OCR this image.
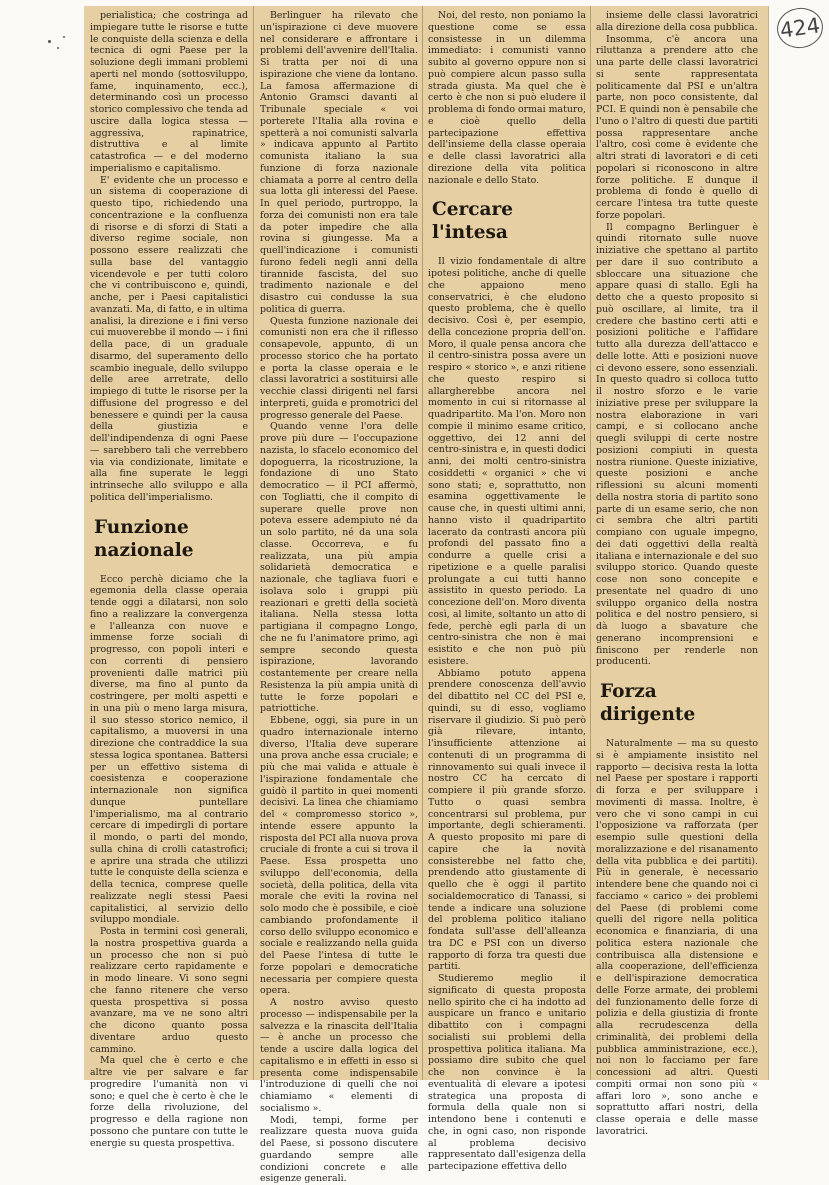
perialistica; che costringa ad impiegare tutte le risorse e tutte le conquiste della scienza e della tecnica di ogni Paese per la soluzione degli immani problemi aperti nel mondo (sottosviluppo, fame, inquinamento, ecc.), determinando così un processo storico complessivo che tenda ad uscire dalla logica stessa — aggressiva, rapinatrice, distruttiva e al limite catastrofica — e del moderno imperialismo e capitalismo.

E' evidente che un processo e un sistema di cooperazione di questo tipo, richiedendo una concentrazione e la confluenza di risorse e di sforzi di Stati a diverso regime sociale, non possono essere realizzati che sulla base del vantaggio vicendevole e per tutti coloro che vi contribuiscono e, quindi, anche, per i Paesi capitalistici avanzati. Ma, di fatto, e in ultima analisi, la direzione e i fini verso cui muoverebbe il mondo — i fini della pace, di un graduale disarmo, del superamento dello scambio ineguale, dello sviluppo delle aree arretrate, dello impiego di tutte le risorse per la diffusione del progresso e del benessere e quindi per la causa della giustizia e dell'indipendenza di ogni Paese — sarebbero tali che verrebbero via via condizionate, limitate e alla fine superate le leggi intrinseche allo sviluppo e alla politica dell'imperialismo.

Funzione nazionale

Ecco perchè diciamo che la egemonia della classe operaia tende oggi a dilatarsi, non solo fino a realizzare la convergenza e l'alleanza con nuove e immense forze sociali di progresso, con popoli interi e con correnti di pensiero provenienti dalle matrici più diverse, ma fino al punto da costringere, per molti aspetti e in una più o meno larga misura, il suo stesso storico nemico, il capitalismo, a muoversi in una direzione che contraddice la sua stessa logica spontanea. Battersi per un effettivo sistema di coesistenza e cooperazione internazionale non significa dunque puntellare l'imperialismo, ma al contrario cercare di impedirgli di portare il mondo, o parti del mondo, sulla china di crolli catastrofici; e aprire una strada che utilizzi tutte le conquiste della scienza e della tecnica, comprese quelle realizzate negli stessi Paesi capitalistici, al servizio dello sviluppo mondiale.

Posta in termini così generali, la nostra prospettiva guarda a un processo che non si può realizzare certo rapidamente e in modo lineare. Vi sono segni che fanno ritenere che verso questa prospettiva si possa avanzare, ma ve ne sono altri che dicono quanto possa diventare arduo questo cammino.

Ma quel che è certo e che altre vie per salvare e far progredire l'umanità non vi sono; e quel che è certo è che le forze della rivoluzione, del progresso e della ragione non possono che puntare con tutte le energie su questa prospettiva.

Berlinguer ha rilevato che un'ispirazione ci deve muovere nel considerare e affrontare i problemi dell'avvenire dell'Italia. Si tratta per noi di una ispirazione che viene da lontano. La famosa affermazione di Antonio Gramsci davanti al Tribunale speciale « voi porterete l'Italia alla rovina e spetterà a noi comunisti salvarla » indicava appunto al Partito comunista italiano la sua funzione di forza nazionale chiamata a porre al centro della sua lotta gli interessi del Paese. In quel periodo, purtroppo, la forza dei comunisti non era tale da poter impedire che alla rovina si giungesse. Ma a quell'indicazione i comunisti furono fedeli negli anni della tirannide fascista, del suo tradimento nazionale e del disastro cui condusse la sua politica di guerra.

Questa funzione nazionale dei comunisti non era che il riflesso consapevole, appunto, di un processo storico che ha portato e porta la classe operaia e le classi lavoratrici a sostituirsi alle vecchie classi dirigenti nel farsi interpreti, guida e promotrici del progresso generale del Paese.

Quando venne l'ora delle prove più dure — l'occupazione nazista, lo sfacelo economico del dopoguerra, la ricostruzione, la fondazione di uno Stato democratico — il PCI affermò, con Togliatti, che il compito di superare quelle prove non poteva essere adempiuto né da un solo partito, né da una sola classe. Occorreva, e fu realizzata, una più ampia solidarietà democratica e nazionale, che tagliava fuori e isolava solo i gruppi più reazionari e gretti della società italiana. Nella stessa lotta partigiana il compagno Longo, che ne fu l'animatore primo, agì sempre secondo questa ispirazione, lavorando costantemente per creare nella Resistenza la più ampia unità di tutte le forze popolari e patriottiche.

Ebbene, oggi, sia pure in un quadro internazionale interno diverso, l'Italia deve superare una prova anche essa cruciale; e più che mai valida e attuale è l'ispirazione fondamentale che guidò il partito in quei momenti decisivi. La linea che chiamiamo del « compromesso storico », intende essere appunto la risposta del PCI alla nuova prova cruciale di fronte a cui si trova il Paese. Essa prospetta uno sviluppo dell'economia, della società, della politica, della vita morale che eviti la rovina nel solo modo che è possibile, e cioè cambiando profondamente il corso dello sviluppo economico e sociale e realizzando nella guida del Paese l'intesa di tutte le forze popolari e democratiche necessaria per compiere questa opera.

A nostro avviso questo processo — indispensabile per la salvezza e la rinascita dell'Italia — è anche un processo che tende a uscire dalla logica del capitalismo e in effetti in esso si presenta come indispensabile l'introduzione di quelli che noi chiamiamo « elementi di socialismo ».

Modi, tempi, forme per realizzare questa nuova guida del Paese, si possono discutere guardando sempre alle condizioni concrete e alle esigenze generali.

Noi, del resto, non poniamo la questione come se essa consistesse in un dilemma immediato: i comunisti vanno subito al governo oppure non si può compiere alcun passo sulla strada giusta. Ma quel che è certo è che non si può eludere il problema di fondo ormai maturo, e cioè quello della partecipazione effettiva dell'insieme della classe operaia e delle classi lavoratrici alla direzione della vita politica nazionale e dello Stato.

Cercare l'intesa

Il vizio fondamentale di altre ipotesi politiche, anche di quelle che appaiono meno conservatrici, è che eludono questo problema, che è quello decisivo. Così è, per esempio, della concezione propria dell'on. Moro, il quale pensa ancora che il centro-sinistra possa avere un respiro « storico », e anzi ritiene che questo respiro si allargherebbe ancora nel momento in cui si ritornasse al quadripartito. Ma l'on. Moro non compie il minimo esame critico, oggettivo, dei 12 anni del centro-sinistra e, in questi dodici anni, dei molti centro-sinistra cosiddetti « organici » che vi sono stati; e, soprattutto, non esamina oggettivamente le cause che, in questi ultimi anni, hanno visto il quadripartito lacerato da contrasti ancora più profondi del passato fino a condurre a quelle crisi a ripetizione e a quelle paralisi prolungate a cui tutti hanno assistito in questo periodo. La concezione dell'on. Moro diventa così, al limite, soltanto un atto di fede, perchè egli parla di un centro-sinistra che non è mai esistito e che non può più esistere.

Abbiamo potuto appena prendere conoscenza dell'avvio del dibattito nel CC del PSI e, quindi, su di esso, vogliamo riservare il giudizio. Si può però già rilevare, intanto, l'insufficiente attenzione ai contenuti di un programma di rinnovamento sui quali invece il nostro CC ha cercato di compiere il più grande sforzo. Tutto o quasi sembra concentrarsi sul problema, pur importante, degli schieramenti. A questo proposito mi pare di capire che la novità consisterebbe nel fatto che, prendendo atto giustamente di quello che è oggi il partito socialdemocratico di Tanassi, si tende a indicare una soluzione del problema politico italiano fondata sull'asse dell'alleanza tra DC e PSI con un diverso rapporto di forza tra questi due partiti.

Studieremo meglio il significato di questa proposta nello spirito che ci ha indotto ad auspicare un franco e unitario dibattito con i compagni socialisti sui problemi della prospettiva politica italiana. Ma possiamo dire subito che quel che non convince è la eventualità di elevare a ipotesi strategica una proposta di formula della quale non si intendono bene i contenuti e che, in ogni caso, non risponde al problema decisivo rappresentato dall'esigenza della partecipazione effettiva dello

insieme delle classi lavoratrici alla direzione della cosa pubblica.

Insomma, c'è ancora una riluttanza a prendere atto che una parte delle classi lavoratrici si sente rappresentata politicamente dal PSI e un'altra parte, non poco consistente, dal PCI. E quindi non è pensabile che l'uno o l'altro di questi due partiti possa rappresentare anche l'altro, così come è evidente che altri strati di lavoratori e di ceti popolari si riconoscono in altre forze politiche. E dunque il problema di fondo è quello di cercare l'intesa tra tutte queste forze popolari.

Il compagno Berlinguer è quindi ritornato sulle nuove iniziative che spettano al partito per dare il suo contributo a sbloccare una situazione che appare quasi di stallo. Egli ha detto che a questo proposito si può oscillare, al limite, tra il credere che bastino certi atti e posizioni politiche e l'affidare tutto alla durezza dell'attacco e delle lotte. Atti e posizioni nuove ci devono essere, sono essenziali. In questo quadro si colloca tutto il nostro sforzo e le varie iniziative prese per sviluppare la nostra elaborazione in vari campi, e si collocano anche quegli sviluppi di certe nostre posizioni compiuti in questa nostra riunione. Queste iniziative, queste posizioni e anche riflessioni su alcuni momenti della nostra storia di partito sono parte di un esame serio, che non ci sembra che altri partiti compiano con uguale impegno, dei dati oggettivi della realtà italiana e internazionale e del suo sviluppo storico. Quando queste cose non sono concepite e presentate nel quadro di uno sviluppo organico della nostra politica e del nostro pensiero, si dà luogo a sbavature che generano incomprensioni e finiscono per renderle non producenti.

Forza dirigente

Naturalmente — ma su questo si è ampiamente insistito nel rapporto — decisiva resta la lotta nel Paese per spostare i rapporti di forza e per sviluppare i movimenti di massa. Inoltre, è vero che vi sono campi in cui l'opposizione va rafforzata (per esempio sulle questioni della moralizzazione e del risanamento della vita pubblica e dei partiti). Più in generale, è necessario intendere bene che quando noi ci facciamo « carico » dei problemi del Paese (di problemi come quelli del rigore nella politica economica e finanziaria, di una politica estera nazionale che contribuisca alla distensione e alla cooperazione, dell'efficienza e dell'ispirazione democratica delle Forze armate, dei problemi del funzionamento delle forze di polizia e della giustizia di fronte alla recrudescenza della criminalità, dei problemi della pubblica amministrazione, ecc.), noi non lo facciamo per fare concessioni ad altri. Questi compiti ormai non sono più « affari loro », sono anche e soprattutto affari nostri, della classe operaia e delle masse lavoratrici.

424
